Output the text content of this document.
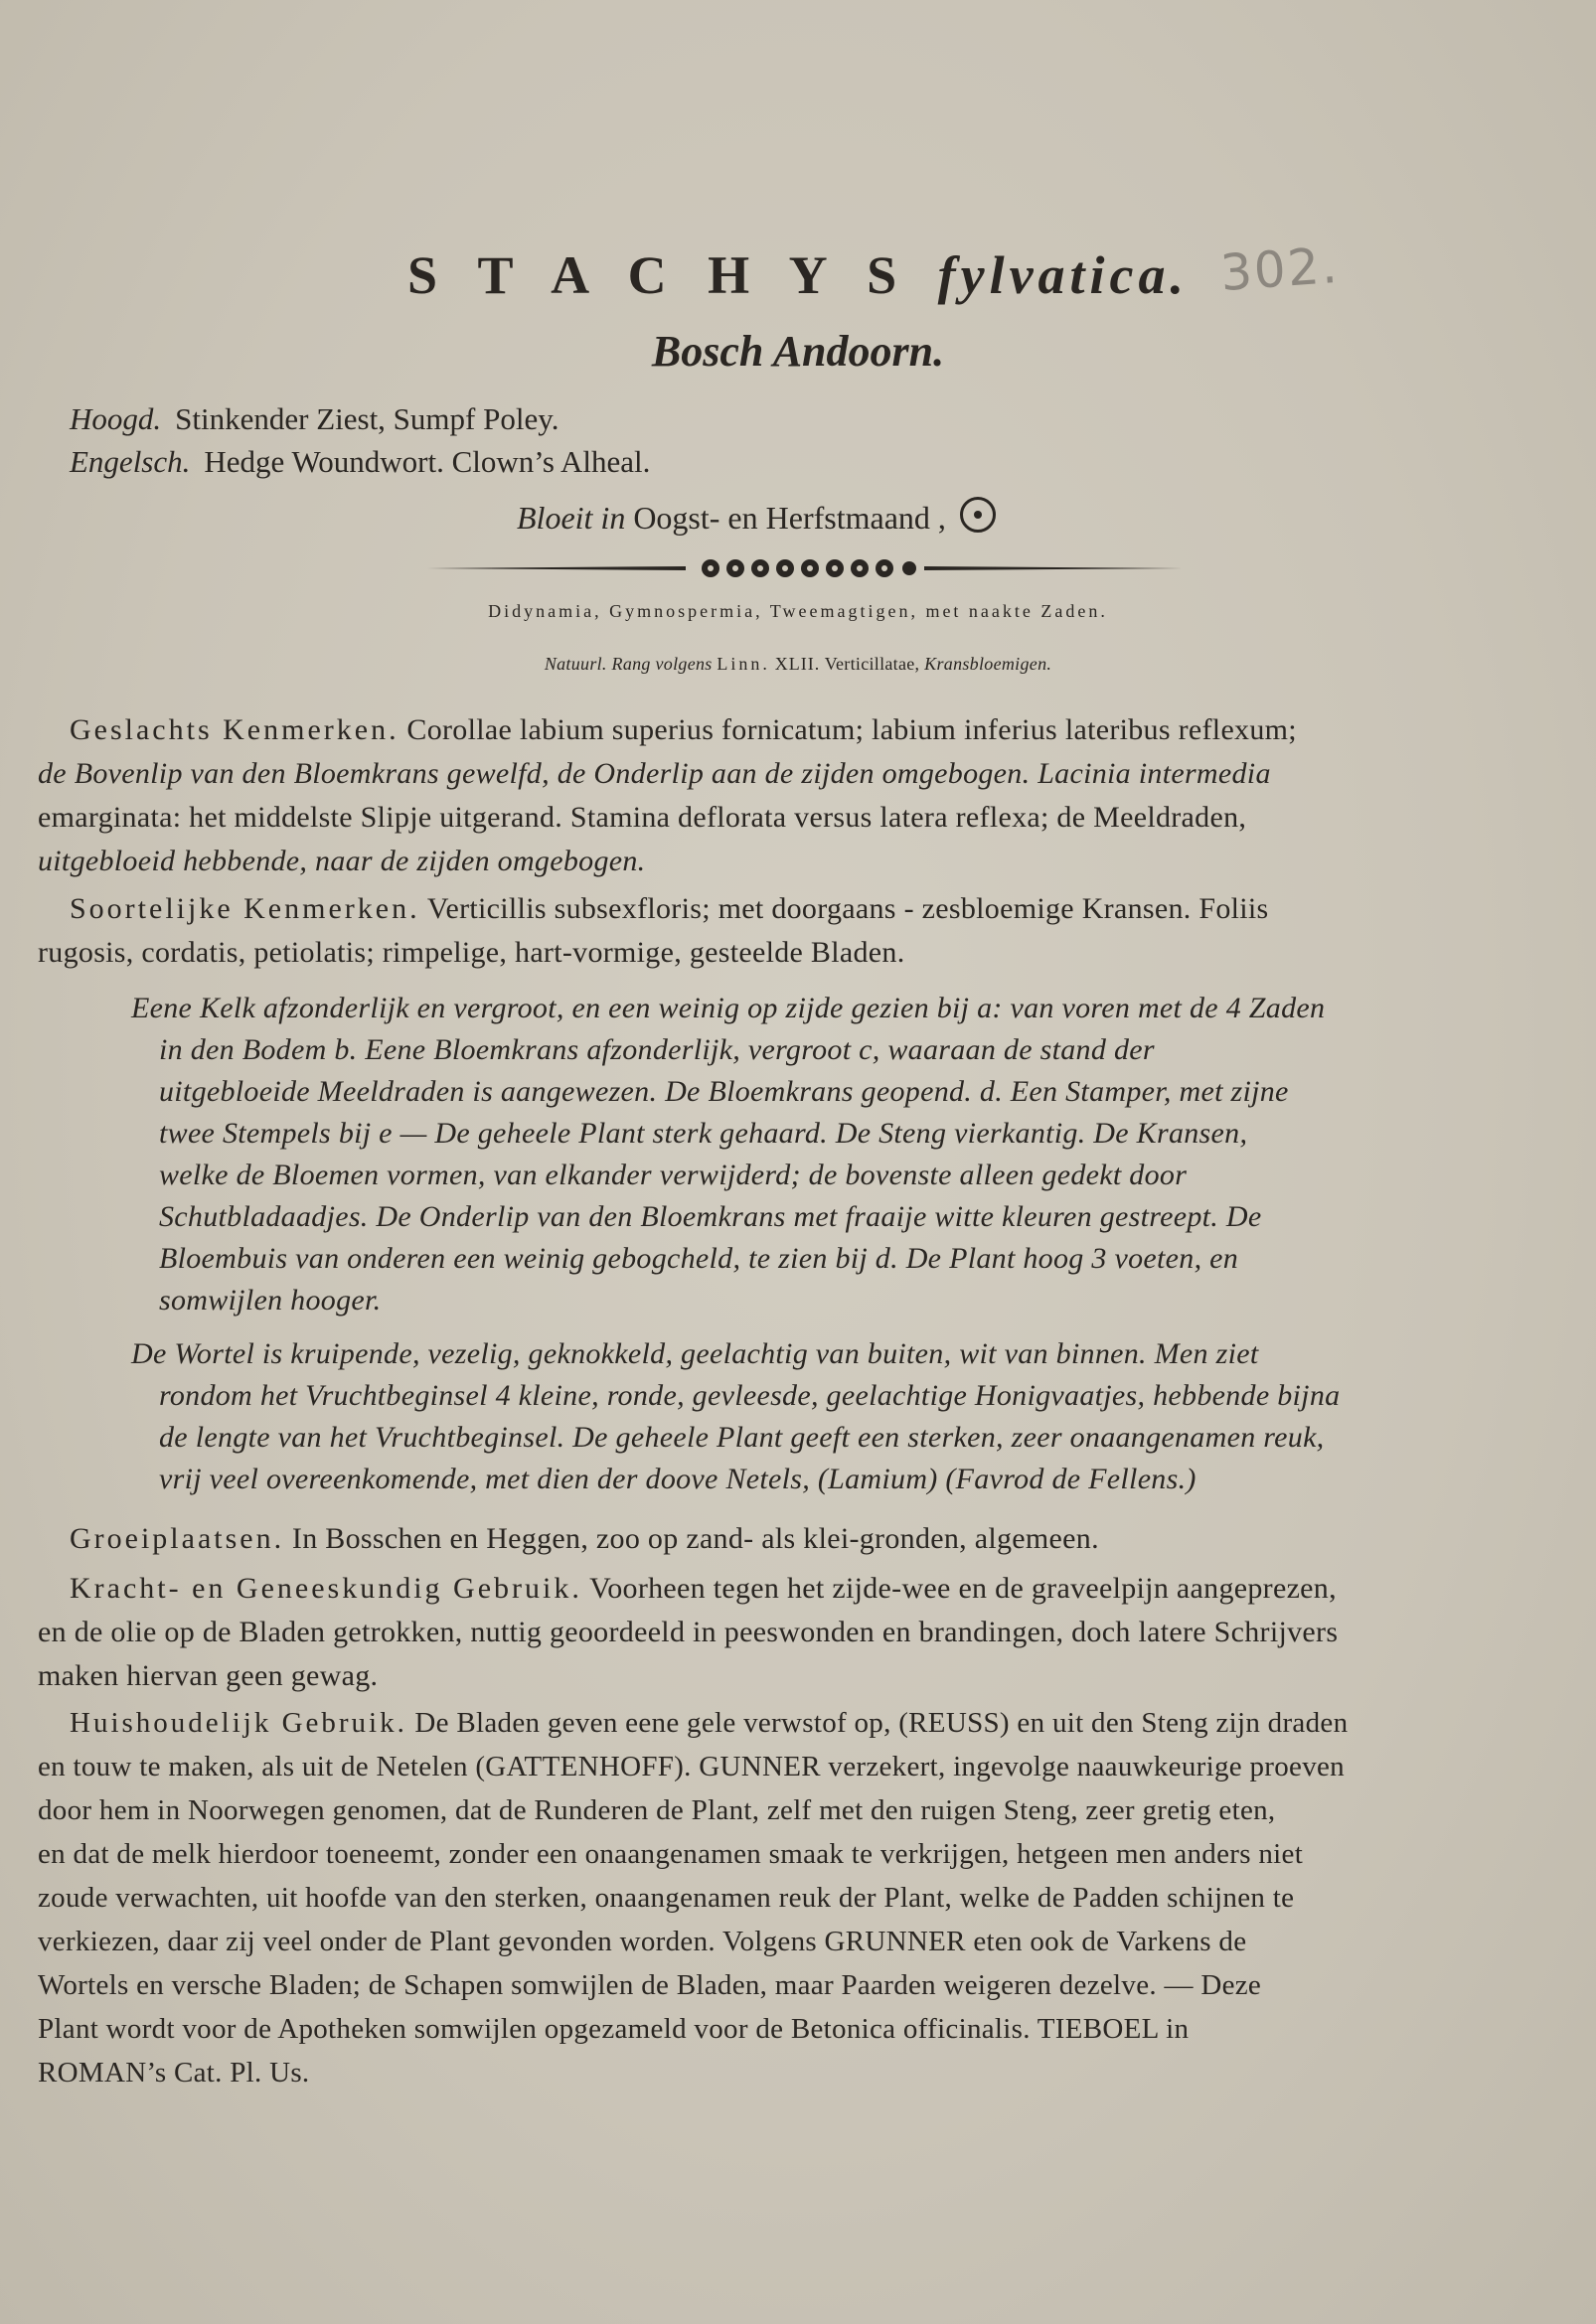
S T A C H Y S fylvatica. 302.
Bosch Andoorn.
Hoogd. Stinkender Ziest, Sumpf Poley.
Engelsch. Hedge Woundwort. Clown’s Alheal.
Bloeit in Oogst- en Herfstmaand ,
Didynamia, Gymnospermia, Tweemagtigen, met naakte Zaden.
Natuurl. Rang volgens Linn. XLII. Verticillatae, Kransbloemigen.
Geslachts Kenmerken. Corollae labium superius fornicatum; labium inferius lateribus reflexum;
de Bovenlip van den Bloemkrans gewelfd, de Onderlip aan de zijden omgebogen. Lacinia intermedia
emarginata: het middelste Slipje uitgerand. Stamina deflorata versus latera reflexa; de Meeldraden,
uitgebloeid hebbende, naar de zijden omgebogen.
Soortelijke Kenmerken. Verticillis subsexfloris; met doorgaans - zesbloemige Kransen. Foliis
rugosis, cordatis, petiolatis; rimpelige, hart-vormige, gesteelde Bladen.
Eene Kelk afzonderlijk en vergroot, en een weinig op zijde gezien bij a: van voren met de 4 Zaden
in den Bodem b. Eene Bloemkrans afzonderlijk, vergroot c, waaraan de stand der
uitgebloeide Meeldraden is aangewezen. De Bloemkrans geopend. d. Een Stamper, met zijne
twee Stempels bij e — De geheele Plant sterk gehaard. De Steng vierkantig. De Kransen,
welke de Bloemen vormen, van elkander verwijderd; de bovenste alleen gedekt door
Schutbladaadjes. De Onderlip van den Bloemkrans met fraaije witte kleuren gestreept. De
Bloembuis van onderen een weinig gebogcheld, te zien bij d. De Plant hoog 3 voeten, en
somwijlen hooger.
De Wortel is kruipende, vezelig, geknokkeld, geelachtig van buiten, wit van binnen. Men ziet
rondom het Vruchtbeginsel 4 kleine, ronde, gevleesde, geelachtige Honigvaatjes, hebbende bijna
de lengte van het Vruchtbeginsel. De geheele Plant geeft een sterken, zeer onaangenamen reuk,
vrij veel overeenkomende, met dien der doove Netels, (Lamium) (Favrod de Fellens.)
Groeiplaatsen. In Bosschen en Heggen, zoo op zand- als klei-gronden, algemeen.
Kracht- en Geneeskundig Gebruik. Voorheen tegen het zijde-wee en de graveelpijn aangeprezen,
en de olie op de Bladen getrokken, nuttig geoordeeld in peeswonden en brandingen, doch latere Schrijvers
maken hiervan geen gewag.
Huishoudelijk Gebruik. De Bladen geven eene gele verwstof op, (REUSS) en uit den Steng zijn draden
en touw te maken, als uit de Netelen (GATTENHOFF). GUNNER verzekert, ingevolge naauwkeurige proeven
door hem in Noorwegen genomen, dat de Runderen de Plant, zelf met den ruigen Steng, zeer gretig eten,
en dat de melk hierdoor toeneemt, zonder een onaangenamen smaak te verkrijgen, hetgeen men anders niet
zoude verwachten, uit hoofde van den sterken, onaangenamen reuk der Plant, welke de Padden schijnen te
verkiezen, daar zij veel onder de Plant gevonden worden. Volgens GRUNNER eten ook de Varkens de
Wortels en versche Bladen; de Schapen somwijlen de Bladen, maar Paarden weigeren dezelve. — Deze
Plant wordt voor de Apotheken somwijlen opgezameld voor de Betonica officinalis. TIEBOEL in
ROMAN’s Cat. Pl. Us.
